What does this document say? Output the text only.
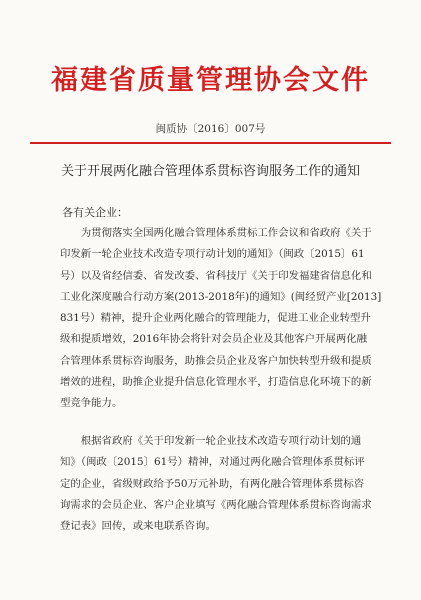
福建省质量管理协会文件
闽质协〔2016〕007号
关于开展两化融合管理体系贯标咨询服务工作的通知
各有关企业：
　　为贯彻落实全国两化融合管理体系贯标工作会议和省政府《关于
印发新一轮企业技术改造专项行动计划的通知》（闽政〔2015〕61
号）以及省经信委、省发改委、省科技厅《关于印发福建省信息化和
工业化深度融合行动方案(2013-2018年)的通知》(闽经贸产业[2013]
831号）精神，提升企业两化融合的管理能力，促进工业企业转型升
级和提质增效，2016年协会将针对会员企业及其他客户开展两化融
合管理体系贯标咨询服务，助推会员企业及客户加快转型升级和提质
增效的进程，助推企业提升信息化管理水平，打造信息化环境下的新
型竞争能力。
　　根据省政府《关于印发新一轮企业技术改造专项行动计划的通
知》（闽政〔2015〕61号）精神，对通过两化融合管理体系贯标评
定的企业，省级财政给予50万元补助，有两化融合管理体系贯标咨
询需求的会员企业、客户企业填写《两化融合管理体系贯标咨询需求
登记表》回传，或来电联系咨询。
